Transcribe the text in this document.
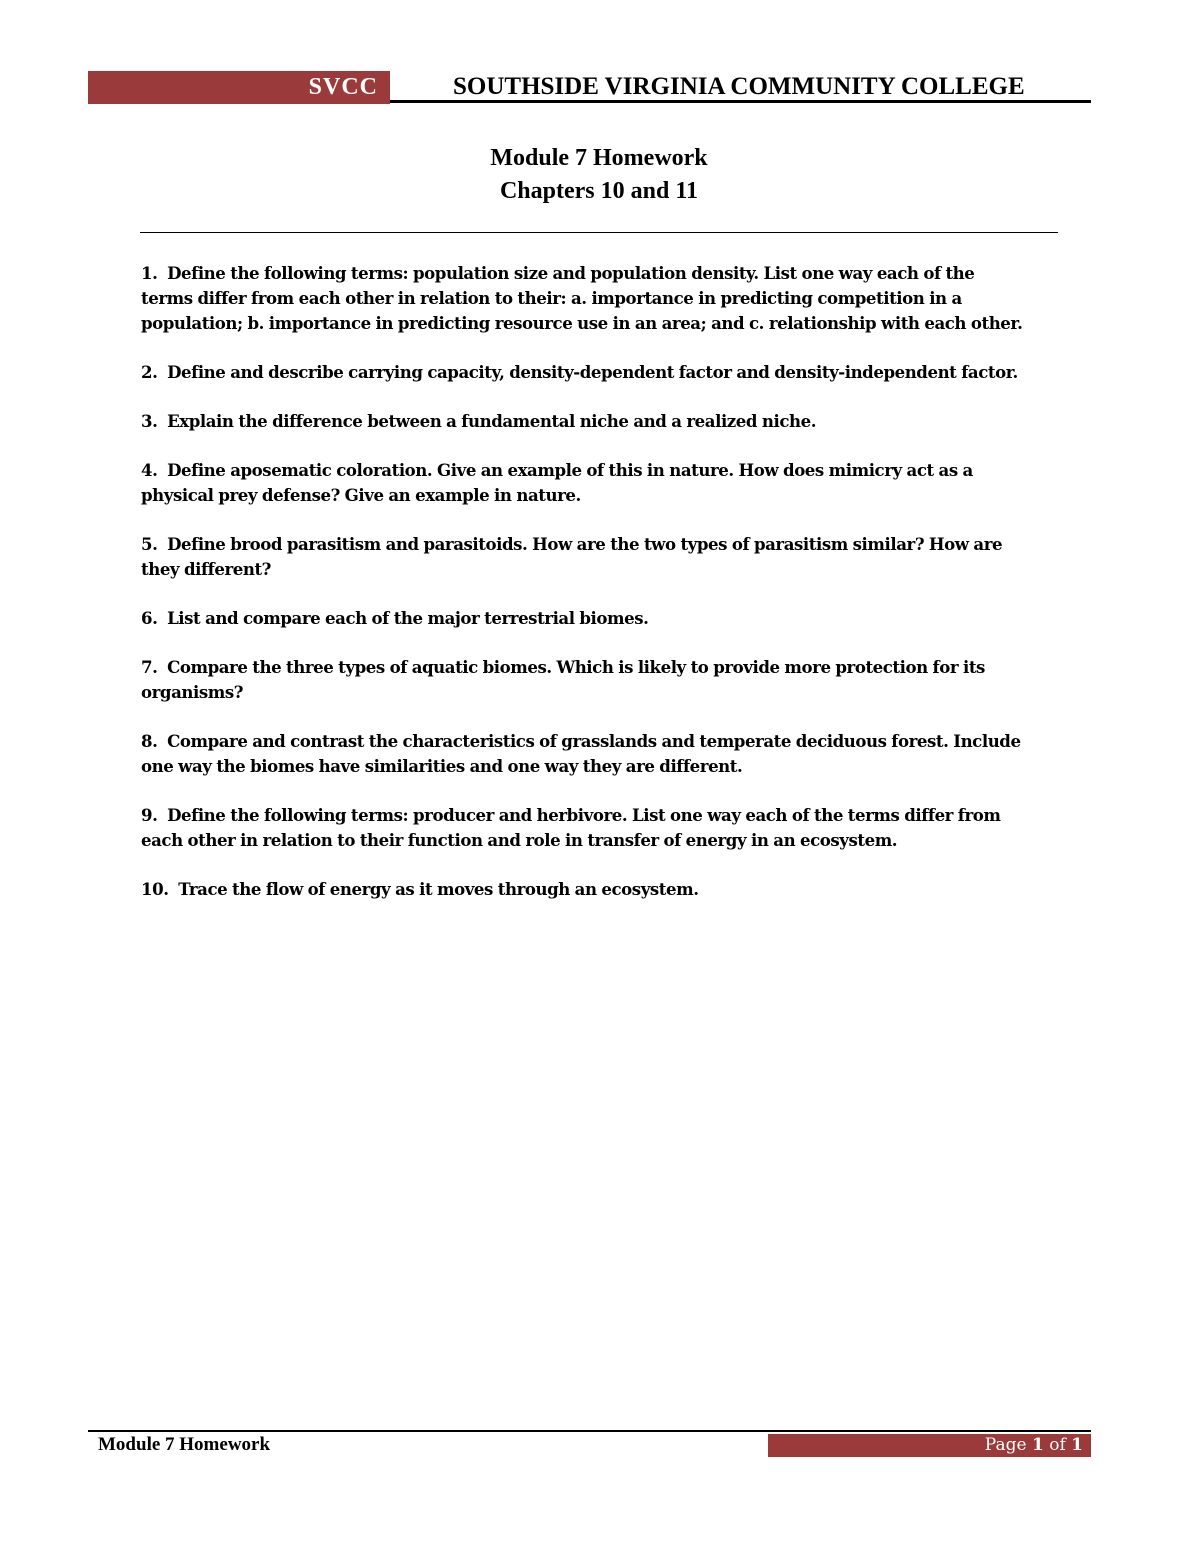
SVCC	SOUTHSIDE VIRGINIA COMMUNITY COLLEGE
Module 7 Homework
Chapters 10 and 11
1. Define the following terms: population size and population density. List one way each of the
terms differ from each other in relation to their: a. importance in predicting competition in a
population; b. importance in predicting resource use in an area; and c. relationship with each other.
2. Define and describe carrying capacity, density-dependent factor and density-independent factor.
3. Explain the difference between a fundamental niche and a realized niche.
4. Define aposematic coloration. Give an example of this in nature. How does mimicry act as a
physical prey defense? Give an example in nature.
5. Define brood parasitism and parasitoids. How are the two types of parasitism similar? How are
they different?
6. List and compare each of the major terrestrial biomes.
7. Compare the three types of aquatic biomes. Which is likely to provide more protection for its
organisms?
8. Compare and contrast the characteristics of grasslands and temperate deciduous forest. Include
one way the biomes have similarities and one way they are different.
9. Define the following terms: producer and herbivore. List one way each of the terms differ from
each other in relation to their function and role in transfer of energy in an ecosystem.
10. Trace the flow of energy as it moves through an ecosystem.
Module 7 Homework	Page 1 of 1
